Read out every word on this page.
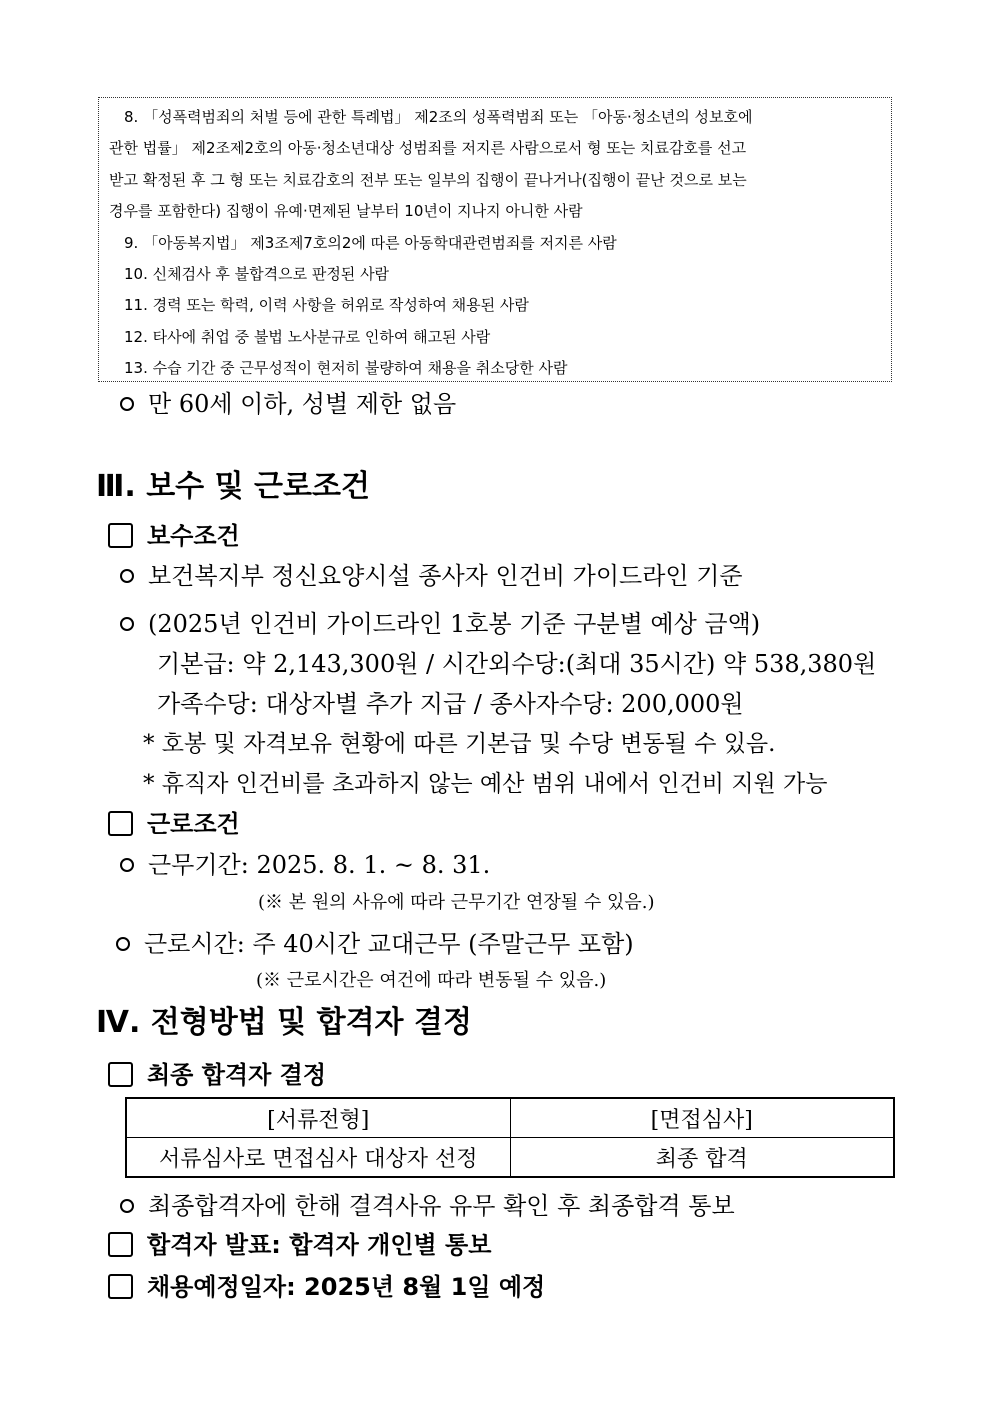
8. 「성폭력범죄의 처벌 등에 관한 특례법」 제2조의 성폭력범죄 또는 「아동·청소년의 성보호에
관한 법률」 제2조제2호의 아동·청소년대상 성범죄를 저지른 사람으로서 형 또는 치료감호를 선고
받고 확정된 후 그 형 또는 치료감호의 전부 또는 일부의 집행이 끝나거나(집행이 끝난 것으로 보는
경우를 포함한다) 집행이 유예·면제된 날부터 10년이 지나지 아니한 사람
9. 「아동복지법」 제3조제7호의2에 따른 아동학대관련범죄를 저지른 사람
10. 신체검사 후 불합격으로 판정된 사람
11. 경력 또는 학력, 이력 사항을 허위로 작성하여 채용된 사람
12. 타사에 취업 중 불법 노사분규로 인하여 해고된 사람
13. 수습 기간 중 근무성적이 현저히 불량하여 채용을 취소당한 사람
만 60세 이하, 성별 제한 없음
Ⅲ. 보수 및 근로조건
보수조건
보건복지부 정신요양시설 종사자 인건비 가이드라인 기준
(2025년 인건비 가이드라인 1호봉 기준 구분별 예상 금액)
기본급: 약 2,143,300원 / 시간외수당:(최대 35시간) 약 538,380원
가족수당: 대상자별 추가 지급 / 종사자수당: 200,000원
* 호봉 및 자격보유 현황에 따른 기본급 및 수당 변동될 수 있음.
* 휴직자 인건비를 초과하지 않는 예산 범위 내에서 인건비 지원 가능
근로조건
근무기간: 2025. 8. 1. ~ 8. 31.
(※ 본 원의 사유에 따라 근무기간 연장될 수 있음.)
근로시간: 주 40시간 교대근무 (주말근무 포함)
(※ 근로시간은 여건에 따라 변동될 수 있음.)
Ⅳ. 전형방법 및 합격자 결정
최종 합격자 결정
[서류전형]	[면접심사]
서류심사로 면접심사 대상자 선정	최종 합격
최종합격자에 한해 결격사유 유무 확인 후 최종합격 통보
합격자 발표: 합격자 개인별 통보
채용예정일자: 2025년 8월 1일 예정
